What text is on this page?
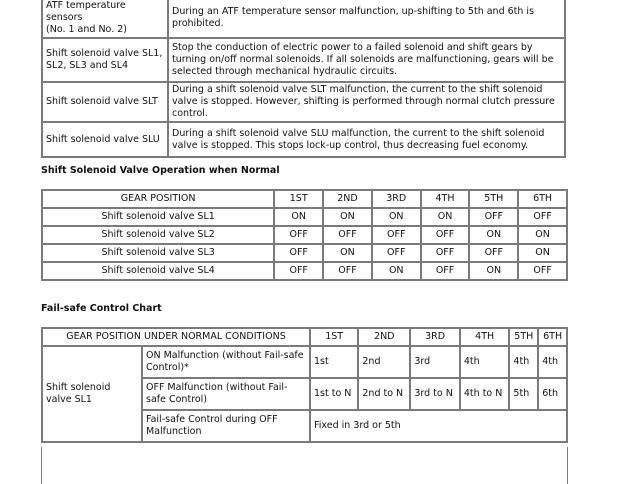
ATF temperature sensors
(No. 1 and No. 2)	During an ATF temperature sensor malfunction, up-shifting to 5th and 6th is prohibited.
Shift solenoid valve SL1,
SL2, SL3 and SL4	Stop the conduction of electric power to a failed solenoid and shift gears by turning on/off normal solenoids. If all solenoids are malfunctioning, gears will be selected through mechanical hydraulic circuits.
Shift solenoid valve SLT	During a shift solenoid valve SLT malfunction, the current to the shift solenoid valve is stopped. However, shifting is performed through normal clutch pressure control.
Shift solenoid valve SLU	During a shift solenoid valve SLU malfunction, the current to the shift solenoid valve is stopped. This stops lock-up control, thus decreasing fuel economy.
Shift Solenoid Valve Operation when Normal
GEAR POSITION	1ST	2ND	3RD	4TH	5TH	6TH
Shift solenoid valve SL1	ON	ON	ON	ON	OFF	OFF
Shift solenoid valve SL2	OFF	OFF	OFF	OFF	ON	ON
Shift solenoid valve SL3	OFF	ON	OFF	OFF	OFF	ON
Shift solenoid valve SL4	OFF	OFF	ON	OFF	ON	OFF
Fail-safe Control Chart
GEAR POSITION UNDER NORMAL CONDITIONS		1ST	2ND	3RD	4TH	5TH	6TH
Shift solenoid valve SL1	ON Malfunction (without Fail-safe Control)*	1st	2nd	3rd	4th	4th	4th
	OFF Malfunction (without Fail-safe Control)	1st to N	2nd to N	3rd to N	4th to N	5th	6th
	Fail-safe Control during OFF Malfunction	Fixed in 3rd or 5th					
